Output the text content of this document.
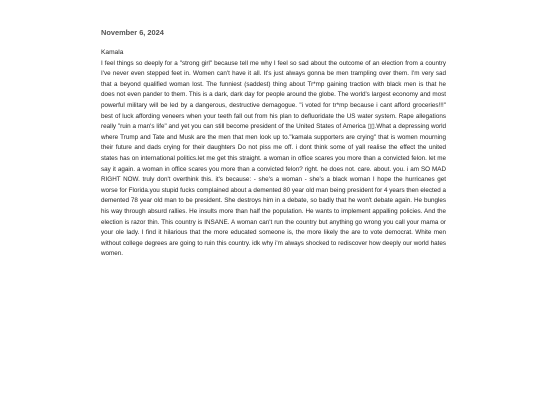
November 6, 2024
Kamala

I feel things so deeply for a "strong girl" because tell me why I feel so sad about the outcome of an election from a country I've never even stepped feet in. Women can't have it all. It's just always gonna be men trampling over them. I'm very sad that a beyond qualified woman lost. The funniest (saddest) thing about Tr*mp gaining traction with black men is that he does not even pander to them. This is a dark, dark day for people around the globe. The world's largest economy and most powerful military will be led by a dangerous, destructive demagogue. "i voted for tr*mp because i cant afford groceries!!!" best of luck affording veneers when your teeth fall out from his plan to defluoridate the US water system. Rape allegations really "ruin a man's life" and yet you can still become president of the United States of America ▯▯.What a depressing world where Trump and Tate and Musk are the men that men look up to."kamala supporters are crying" that is women mourning their future and dads crying for their daughters Do not piss me off. i dont think some of yall realise the effect the united states has on international politics.let me get this straight. a woman in office scares you more than a convicted felon. let me say it again. a woman in office scares you more than a convicted felon? right. he does not. care. about. you. i am SO MAD RIGHT NOW. truly don't overthink this. it's because: - she's a woman - she's a black woman I hope the hurricanes get worse for Florida.you stupid fucks complained about a demented 80 year old man being president for 4 years then elected a demented 78 year old man to be president. She destroys him in a debate, so badly that he won't debate again. He bungles his way through absurd rallies. He insults more than half the population. He wants to implement appalling policies. And the election is razor thin. This country is INSANE. A woman can't run the country but anything go wrong you call your mama or your ole lady. I find it hilarious that the more educated someone is, the more likely the are to vote democrat. White men without college degrees are going to ruin this country. idk why i'm always shocked to rediscover how deeply our world hates women.
